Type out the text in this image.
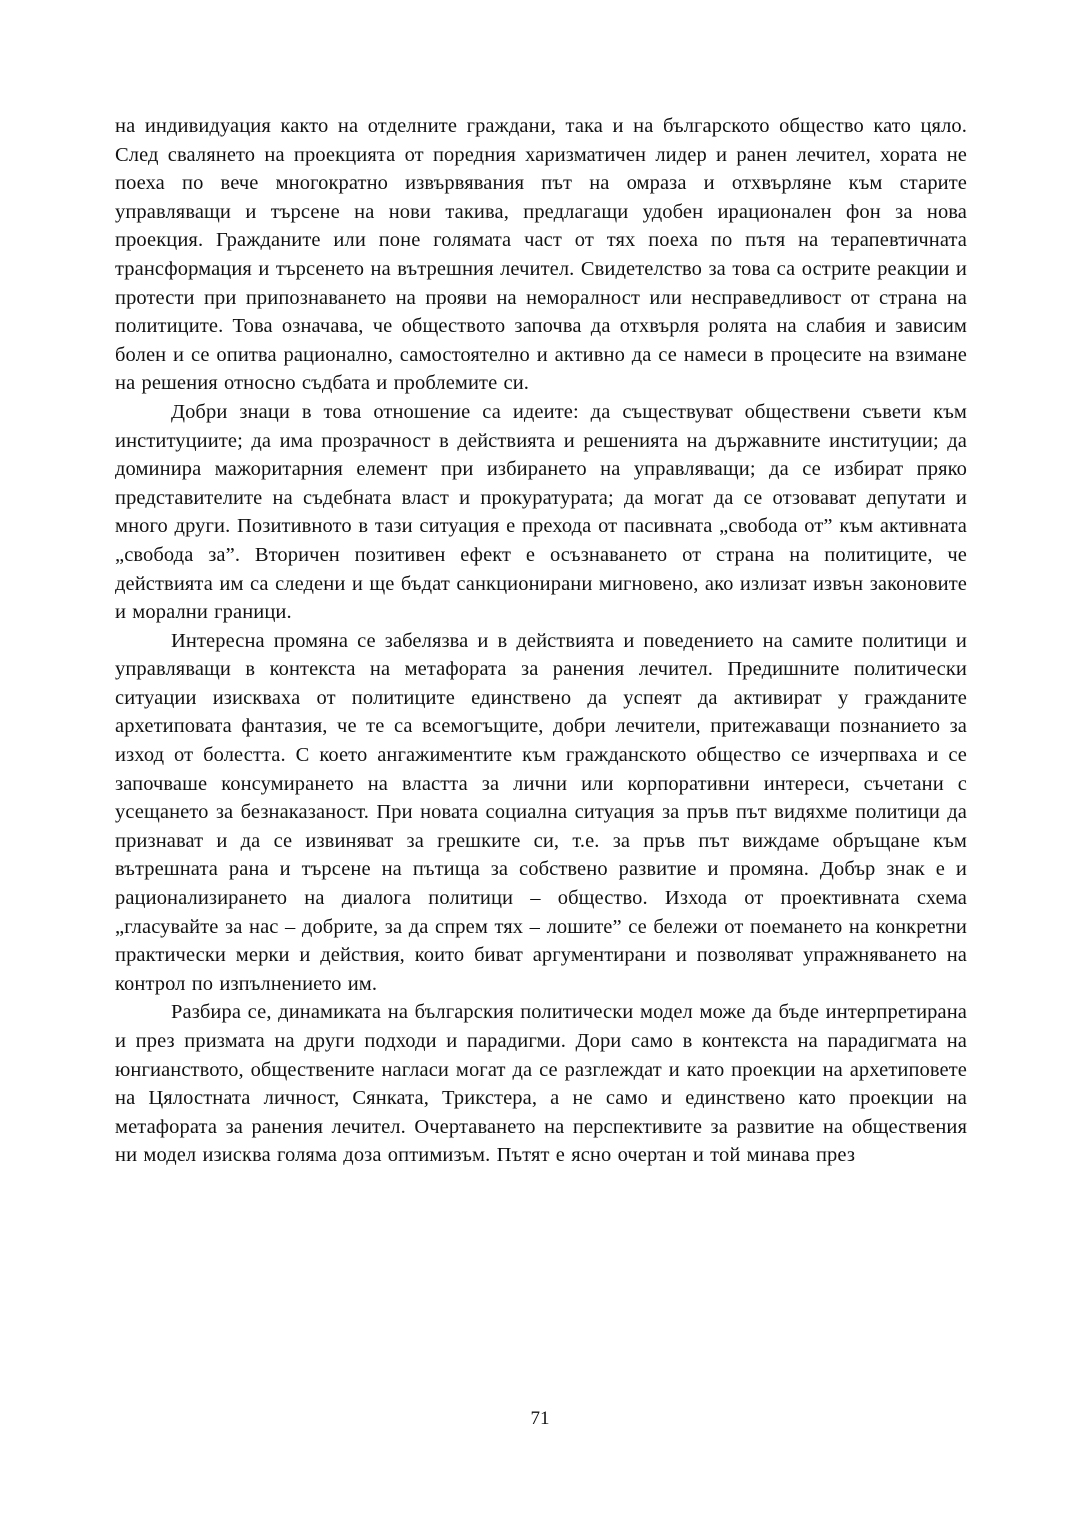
на индивидуация както на отделните граждани, така и на българското общество като цяло. След свалянето на проекцията от поредния харизматичен лидер и ранен лечител, хората не поеха по вече многократно извървявания път на омраза и отхвърляне към старите управляващи и търсене на нови такива, предлагащи удобен ирационален фон за нова проекция. Гражданите или поне голямата част от тях поеха по пътя на терапевтичната трансформация и търсенето на вътрешния лечител. Свидетелство за това са острите реакции и протести при припознаването на прояви на неморалност или несправедливост от страна на политиците. Това означава, че обществото започва да отхвърля ролята на слабия и зависим болен и се опитва рационално, самостоятелно и активно да се намеси в процесите на взимане на решения относно съдбата и проблемите си.

Добри знаци в това отношение са идеите: да съществуват обществени съвети към институциите; да има прозрачност в действията и решенията на държавните институции; да доминира мажоритарния елемент при избирането на управляващи; да се избират пряко представителите на съдебната власт и прокуратурата; да могат да се отзовават депутати и много други. Позитивното в тази ситуация е прехода от пасивната „свобода от” към активната „свобода за”. Вторичен позитивен ефект е осъзнаването от страна на политиците, че действията им са следени и ще бъдат санкционирани мигновено, ако излизат извън законовите и морални граници.

Интересна промяна се забелязва и в действията и поведението на самите политици и управляващи в контекста на метафората за ранения лечител. Предишните политически ситуации изискваха от политиците единствено да успеят да активират у гражданите архетиповата фантазия, че те са всемогъщите, добри лечители, притежаващи познанието за изход от болестта. С което ангажиментите към гражданското общество се изчерпваха и се започваше консумирането на властта за лични или корпоративни интереси, съчетани с усещането за безнаказаност. При новата социална ситуация за пръв път видяхме политици да признават и да се извиняват за грешките си, т.е. за пръв път виждаме обръщане към вътрешната рана и търсене на пътища за собствено развитие и промяна. Добър знак е и рационализирането на диалога политици – общество. Изхода от проективната схема „гласувайте за нас – добрите, за да спрем тях – лошите” се бележи от поемането на конкретни практически мерки и действия, които биват аргументирани и позволяват упражняването на контрол по изпълнението им.

Разбира се, динамиката на българския политически модел може да бъде интерпретирана и през призмата на други подходи и парадигми. Дори само в контекста на парадигмата на юнгианството, обществените нагласи могат да се разглеждат и като проекции на архетиповете на Цялостната личност, Сянката, Трикстера, а не само и единствено като проекции на метафората за ранения лечител. Очертаването на перспективите за развитие на обществения ни модел изисква голяма доза оптимизъм. Пътят е ясно очертан и той минава през

71
